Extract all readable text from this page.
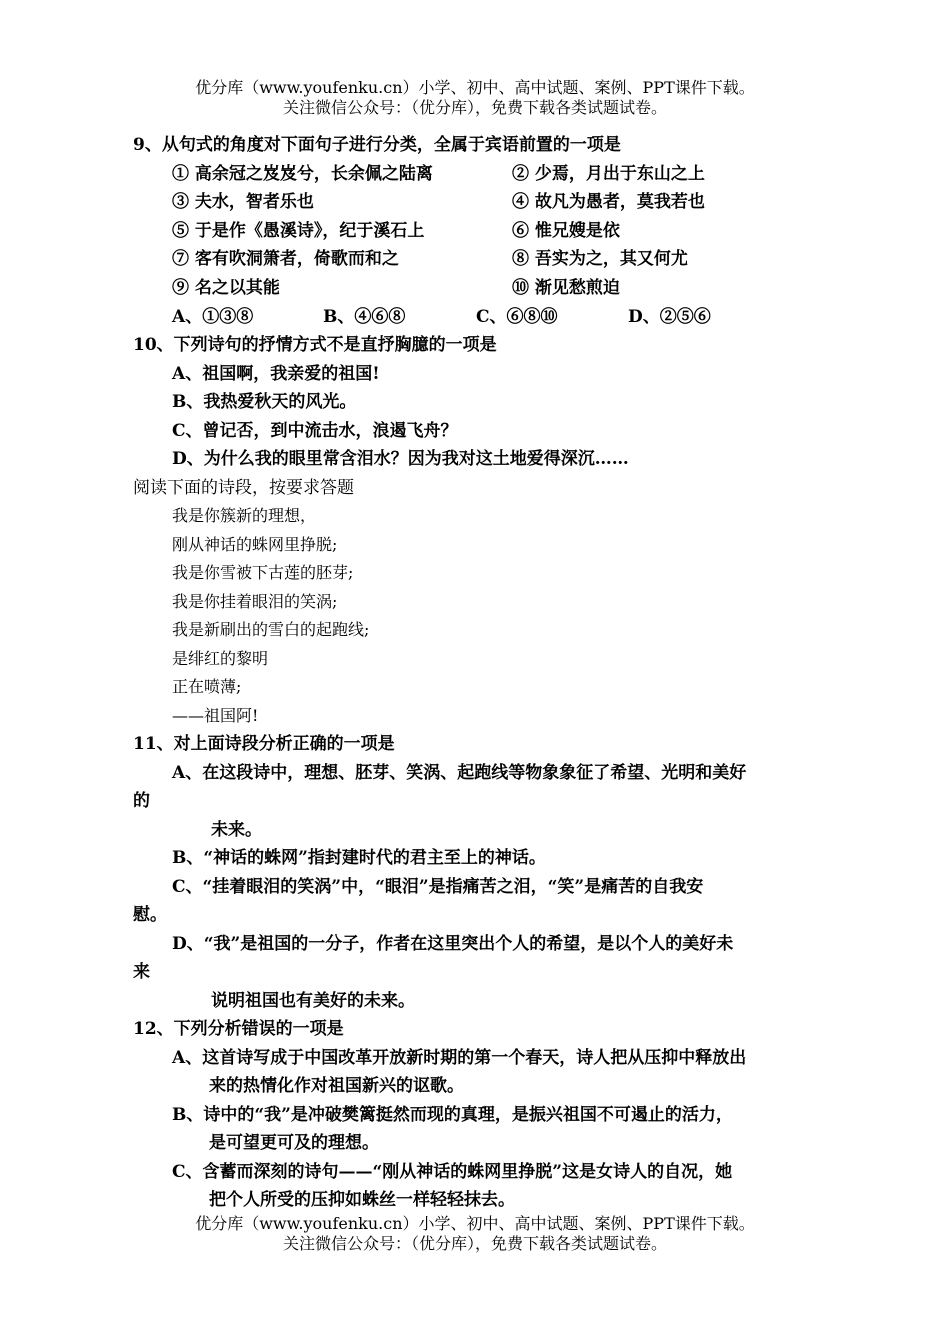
优分库（www.youfenku.cn）小学、初中、高中试题、案例、PPT课件下载。
关注微信公众号：（优分库），免费下载各类试题试卷。
9、从句式的角度对下面句子进行分类，全属于宾语前置的一项是
① 高余冠之岌岌兮，长余佩之陆离	② 少焉，月出于东山之上
③ 夫水，智者乐也	④ 故凡为愚者，莫我若也
⑤ 于是作《愚溪诗》，纪于溪石上	⑥ 惟兄嫂是依
⑦ 客有吹洞箫者，倚歌而和之	⑧ 吾实为之，其又何尤
⑨ 名之以其能	⑩ 渐见愁煎迫
A、①③⑧	B、④⑥⑧	C、⑥⑧⑩	D、②⑤⑥
10、下列诗句的抒情方式不是直抒胸臆的一项是
A、祖国啊，我亲爱的祖国!
B、我热爱秋天的风光。
C、曾记否，到中流击水，浪遏飞舟？
D、为什么我的眼里常含泪水？因为我对这土地爱得深沉……
阅读下面的诗段，按要求答题
我是你簇新的理想，
刚从神话的蛛网里挣脱;
我是你雪被下古莲的胚芽;
我是你挂着眼泪的笑涡;
我是新刷出的雪白的起跑线;
是绯红的黎明
正在喷薄;
——祖国阿!
11、对上面诗段分析正确的一项是
A、在这段诗中，理想、胚芽、笑涡、起跑线等物象象征了希望、光明和美好
的
未来。
B、“神话的蛛网”指封建时代的君主至上的神话。
C、“挂着眼泪的笑涡”中，“眼泪”是指痛苦之泪，“笑”是痛苦的自我安
慰。
D、“我”是祖国的一分子，作者在这里突出个人的希望，是以个人的美好未
来
说明祖国也有美好的未来。
12、下列分析错误的一项是
A、这首诗写成于中国改革开放新时期的第一个春天，诗人把从压抑中释放出
来的热情化作对祖国新兴的讴歌。
B、诗中的“我”是冲破樊篱挺然而现的真理，是振兴祖国不可遏止的活力，
是可望更可及的理想。
C、含蓄而深刻的诗句——“刚从神话的蛛网里挣脱”这是女诗人的自况，她
把个人所受的压抑如蛛丝一样轻轻抹去。
优分库（www.youfenku.cn）小学、初中、高中试题、案例、PPT课件下载。
关注微信公众号：（优分库），免费下载各类试题试卷。
